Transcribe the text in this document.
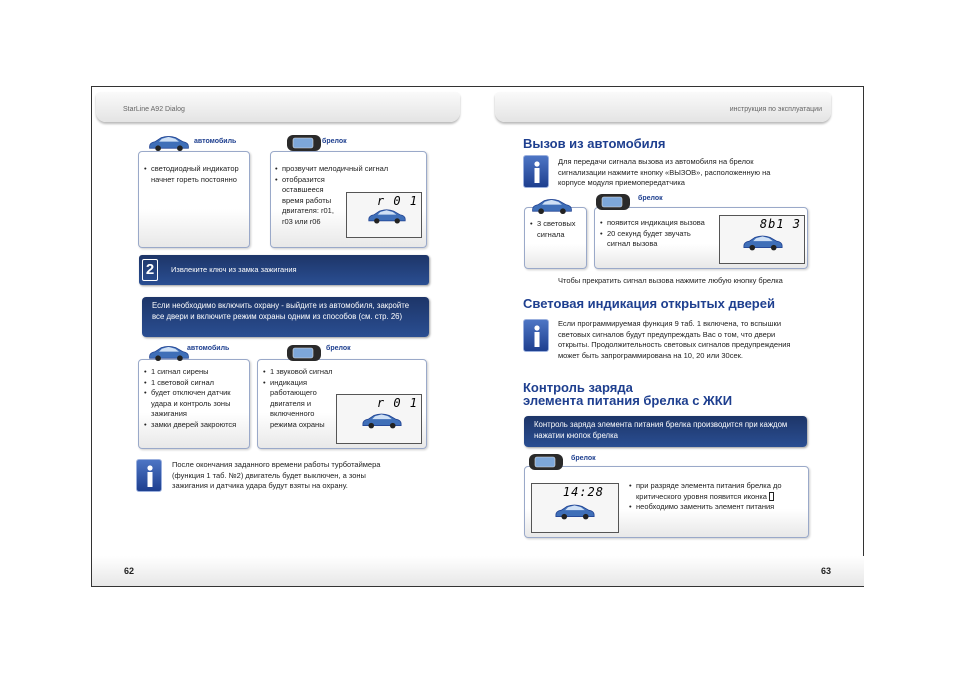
StarLine A92 Dialog
• светодиодный индикатор начнет гореть постоянно
автомобиль
• прозвучит мелодичный сигнал
• отобразится оставшееся время работы двигателя: r01, r03 или r06
r 0 1
брелок
2	Извлеките ключ из замка зажигания
Если необходимо включить охрану - выйдите из автомобиля, закройте все двери и включите режим охраны одним из способов (см. стр. 26)
• 1 сигнал сирены
• 1 световой сигнал
• будет отключен датчик удара и контроль зоны зажигания
• замки дверей закроются
автомобиль
• 1 звуковой сигнал
• индикация работающего двигателя и включенного режима охраны
r 0 1
брелок
После окончания заданного времени работы турботаймера (функция 1 таб. №2) двигатель будет выключен, а зоны зажигания и датчика удара будут взяты на охрану.
62
инструкция по эксплуатации
Вызов из автомобиля
Для передачи сигнала вызова из автомобиля на брелок сигнализации нажмите кнопку «ВЫЗОВ», расположенную на корпусе модуля приемопередатчика
• 3 световых сигнала
• появится индикация вызова
• 20 секунд будет звучать сигнал вызова
8b1 3
брелок
Чтобы прекратить сигнал вызова нажмите любую кнопку брелка
Световая индикация открытых дверей
Если программируемая функция 9 таб. 1 включена, то вспышки световых сигналов будут предупреждать Вас о том, что двери открыты. Продолжительность световых сигналов предупреждения может быть запрограммирована на 10, 20 или 30сек.
Контроль заряда
элемента питания брелка с ЖКИ
Контроль заряда элемента питания брелка производится при каждом нажатии кнопок брелка
14:28
•	при разряде элемента питания брелка до критического уровня появится иконка
• необходимо заменить элемент питания
брелок
63
